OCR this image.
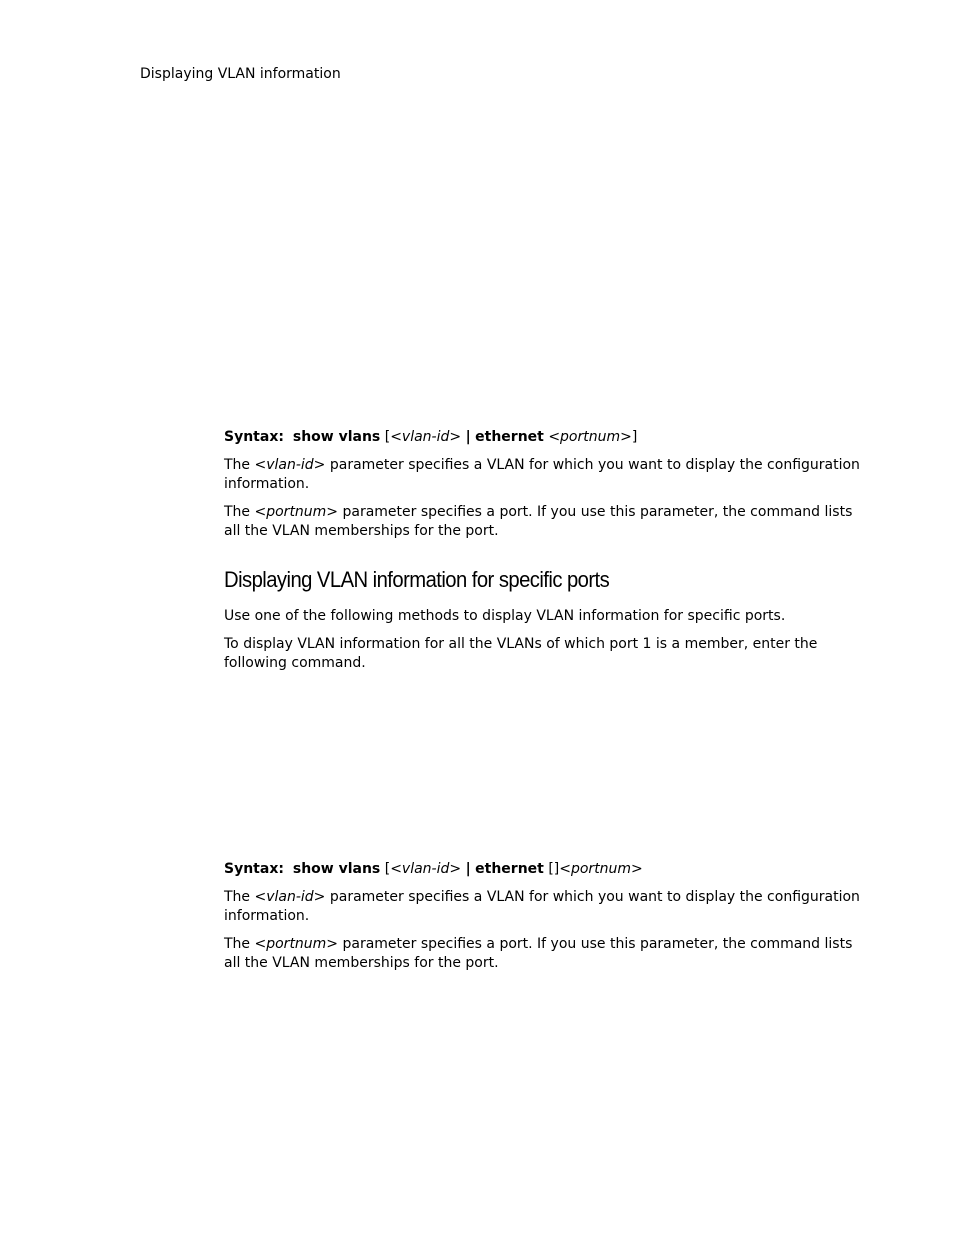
Displaying VLAN information
Syntax: show vlans [<vlan-id> | ethernet <portnum>]
The <vlan-id> parameter specifies a VLAN for which you want to display the configuration information.
The <portnum> parameter specifies a port. If you use this parameter, the command lists all the VLAN memberships for the port.
Displaying VLAN information for specific ports
Use one of the following methods to display VLAN information for specific ports.
To display VLAN information for all the VLANs of which port 1 is a member, enter the following command.
Syntax: show vlans [<vlan-id> | ethernet []<portnum>
The <vlan-id> parameter specifies a VLAN for which you want to display the configuration information.
The <portnum> parameter specifies a port. If you use this parameter, the command lists all the VLAN memberships for the port.
